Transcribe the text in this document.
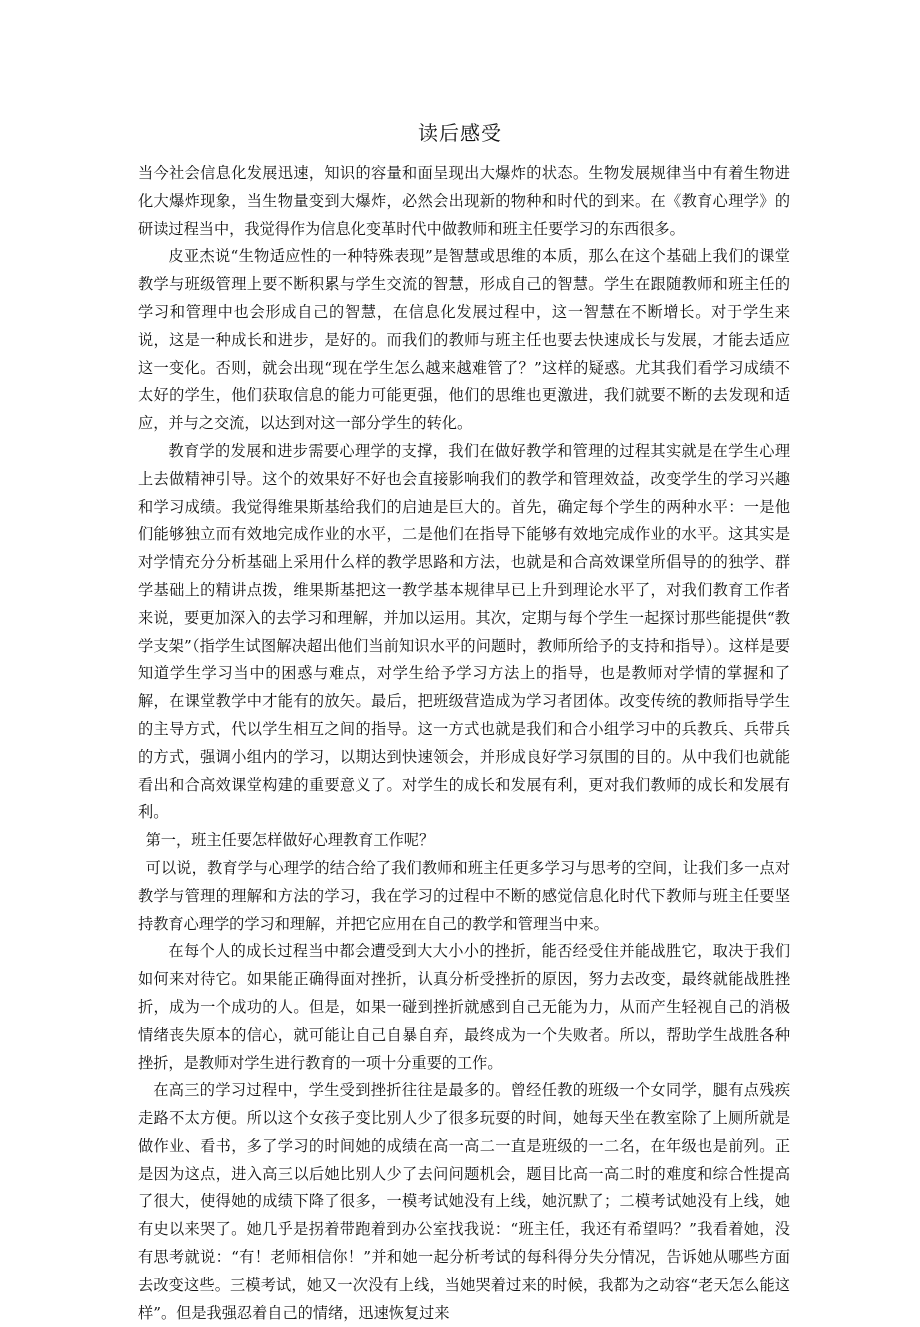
读后感受

当今社会信息化发展迅速，知识的容量和面呈现出大爆炸的状态。生物发展规律当中有着生物进化大爆炸现象，当生物量变到大爆炸，必然会出现新的物种和时代的到来。在《教育心理学》的研读过程当中，我觉得作为信息化变革时代中做教师和班主任要学习的东西很多。

皮亚杰说“生物适应性的一种特殊表现”是智慧或思维的本质，那么在这个基础上我们的课堂教学与班级管理上要不断积累与学生交流的智慧，形成自己的智慧。学生在跟随教师和班主任的学习和管理中也会形成自己的智慧，在信息化发展过程中，这一智慧在不断增长。对于学生来说，这是一种成长和进步，是好的。而我们的教师与班主任也要去快速成长与发展，才能去适应这一变化。否则，就会出现“现在学生怎么越来越难管了？”这样的疑惑。尤其我们看学习成绩不太好的学生，他们获取信息的能力可能更强，他们的思维也更激进，我们就要不断的去发现和适应，并与之交流，以达到对这一部分学生的转化。

教育学的发展和进步需要心理学的支撑，我们在做好教学和管理的过程其实就是在学生心理上去做精神引导。这个的效果好不好也会直接影响我们的教学和管理效益，改变学生的学习兴趣和学习成绩。我觉得维果斯基给我们的启迪是巨大的。首先，确定每个学生的两种水平：一是他们能够独立而有效地完成作业的水平，二是他们在指导下能够有效地完成作业的水平。这其实是对学情充分分析基础上采用什么样的教学思路和方法，也就是和合高效课堂所倡导的的独学、群学基础上的精讲点拨，维果斯基把这一教学基本规律早已上升到理论水平了，对我们教育工作者来说，要更加深入的去学习和理解，并加以运用。其次，定期与每个学生一起探讨那些能提供“教学支架”（指学生试图解决超出他们当前知识水平的问题时，教师所给予的支持和指导）。这样是要知道学生学习当中的困惑与难点，对学生给予学习方法上的指导，也是教师对学情的掌握和了解，在课堂教学中才能有的放矢。最后，把班级营造成为学习者团体。改变传统的教师指导学生的主导方式，代以学生相互之间的指导。这一方式也就是我们和合小组学习中的兵教兵、兵带兵的方式，强调小组内的学习，以期达到快速领会，并形成良好学习氛围的目的。从中我们也就能看出和合高效课堂构建的重要意义了。对学生的成长和发展有利，更对我们教师的成长和发展有利。

第一，班主任要怎样做好心理教育工作呢？

可以说，教育学与心理学的结合给了我们教师和班主任更多学习与思考的空间，让我们多一点对教学与管理的理解和方法的学习，我在学习的过程中不断的感觉信息化时代下教师与班主任要坚持教育心理学的学习和理解，并把它应用在自己的教学和管理当中来。

在每个人的成长过程当中都会遭受到大大小小的挫折，能否经受住并能战胜它，取决于我们如何来对待它。如果能正确得面对挫折，认真分析受挫折的原因，努力去改变，最终就能战胜挫折，成为一个成功的人。但是，如果一碰到挫折就感到自己无能为力，从而产生轻视自己的消极情绪丧失原本的信心，就可能让自己自暴自弃，最终成为一个失败者。所以，帮助学生战胜各种挫折，是教师对学生进行教育的一项十分重要的工作。

在高三的学习过程中，学生受到挫折往往是最多的。曾经任教的班级一个女同学，腿有点残疾走路不太方便。所以这个女孩子变比别人少了很多玩耍的时间，她每天坐在教室除了上厕所就是做作业、看书，多了学习的时间她的成绩在高一高二一直是班级的一二名，在年级也是前列。正是因为这点，进入高三以后她比别人少了去问问题机会，题目比高一高二时的难度和综合性提高了很大，使得她的成绩下降了很多，一模考试她没有上线，她沉默了；二模考试她没有上线，她有史以来哭了。她几乎是拐着带跑着到办公室找我说：“班主任，我还有希望吗？”我看着她，没有思考就说：“有！老师相信你！”并和她一起分析考试的每科得分失分情况，告诉她从哪些方面去改变这些。三模考试，她又一次没有上线，当她哭着过来的时候，我都为之动容“老天怎么能这样”。但是我强忍着自己的情绪，迅速恢复过来
